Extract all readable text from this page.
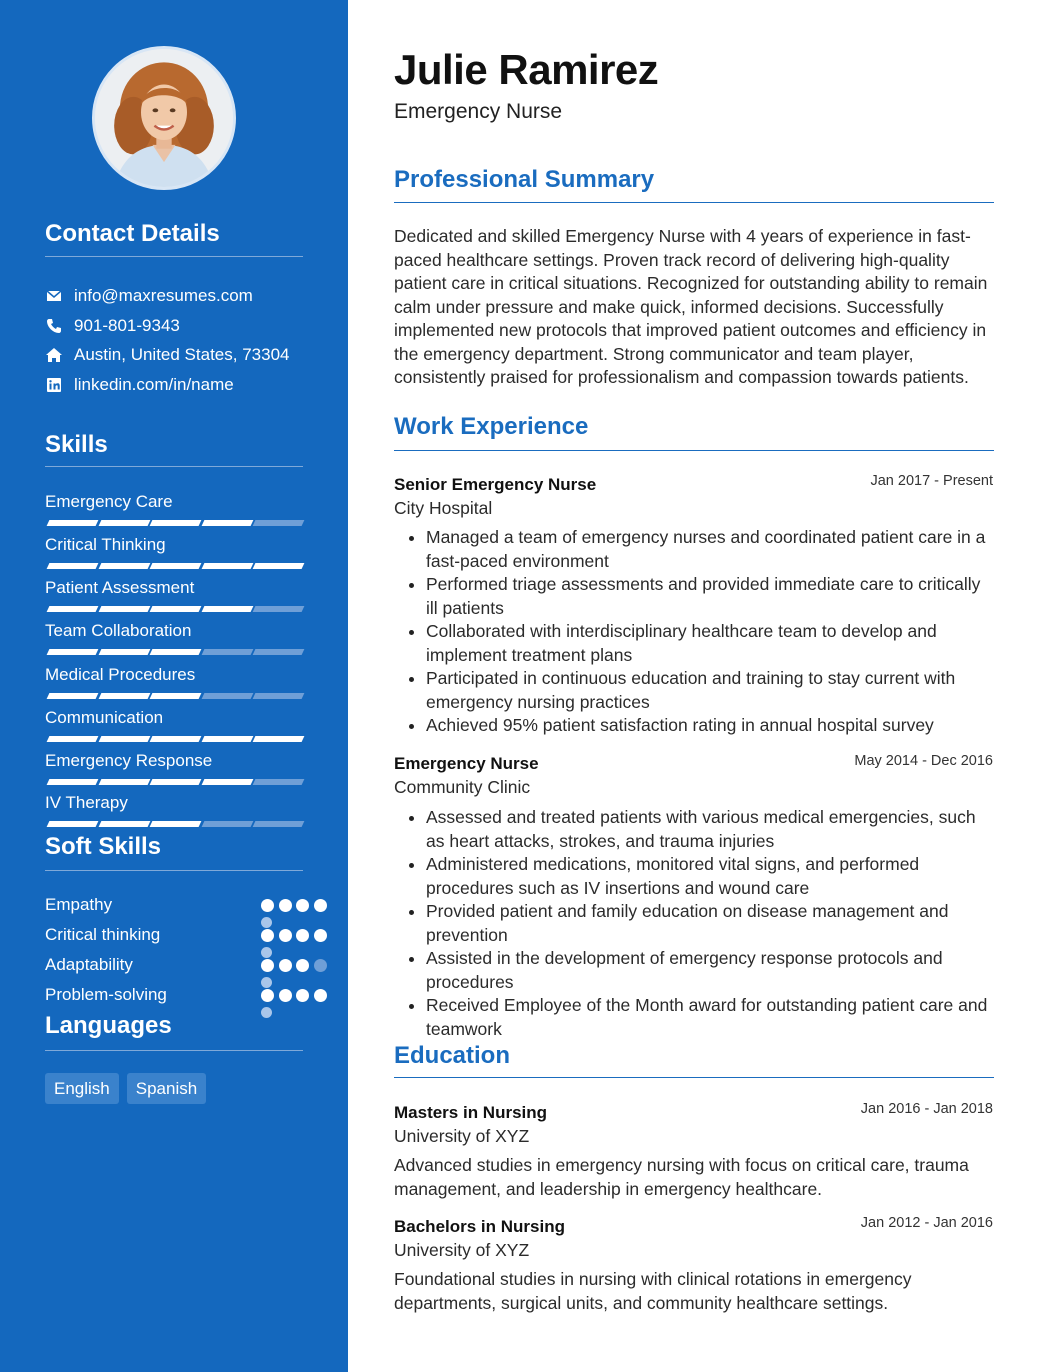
Contact Details
info@maxresumes.com
901-801-9343
Austin, United States, 73304
linkedin.com/in/name
Skills
Emergency Care
Critical Thinking
Patient Assessment
Team Collaboration
Medical Procedures
Communication
Emergency Response
IV Therapy
Soft Skills
Empathy
Critical thinking
Adaptability
Problem-solving
Languages
English	Spanish
Julie Ramirez
Emergency Nurse
Professional Summary
Dedicated and skilled Emergency Nurse with 4 years of experience in fast-paced healthcare settings. Proven track record of delivering high-quality patient care in critical situations. Recognized for outstanding ability to remain calm under pressure and make quick, informed decisions. Successfully implemented new protocols that improved patient outcomes and efficiency in the emergency department. Strong communicator and team player, consistently praised for professionalism and compassion towards patients.
Work Experience
Senior Emergency Nurse	Jan 2017 - Present
City Hospital
Managed a team of emergency nurses and coordinated patient care in a fast-paced environment
Performed triage assessments and provided immediate care to critically ill patients
Collaborated with interdisciplinary healthcare team to develop and implement treatment plans
Participated in continuous education and training to stay current with emergency nursing practices
Achieved 95% patient satisfaction rating in annual hospital survey
Emergency Nurse	May 2014 - Dec 2016
Community Clinic
Assessed and treated patients with various medical emergencies, such as heart attacks, strokes, and trauma injuries
Administered medications, monitored vital signs, and performed procedures such as IV insertions and wound care
Provided patient and family education on disease management and prevention
Assisted in the development of emergency response protocols and procedures
Received Employee of the Month award for outstanding patient care and teamwork
Education
Masters in Nursing	Jan 2016 - Jan 2018
University of XYZ
Advanced studies in emergency nursing with focus on critical care, trauma management, and leadership in emergency healthcare.
Bachelors in Nursing	Jan 2012 - Jan 2016
University of XYZ
Foundational studies in nursing with clinical rotations in emergency departments, surgical units, and community healthcare settings.
